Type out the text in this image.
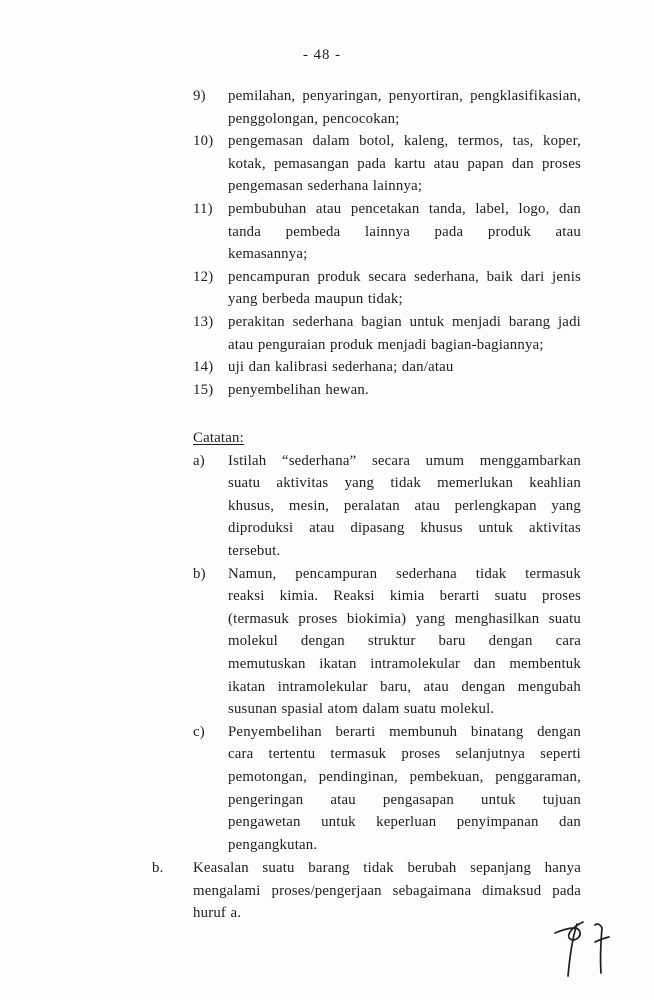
- 48 -
9)	pemilahan, penyaringan, penyortiran, pengklasifikasian,
penggolongan, pencocokan;
10) pengemasan dalam botol, kaleng, termos, tas, koper,
kotak, pemasangan pada kartu atau papan dan proses
pengemasan sederhana lainnya;
11)	pembubuhan atau pencetakan tanda, label, logo, dan
tanda pembeda lainnya pada produk atau
kemasannya;
12) pencampuran produk secara sederhana, baik dari jenis
yang berbeda maupun tidak;
13) perakitan sederhana bagian untuk menjadi barang jadi
atau penguraian produk menjadi bagian-bagiannya;
14) uji dan kalibrasi sederhana; dan/atau
15) penyembelihan hewan.
Catatan:
a)	Istilah “sederhana” secara umum menggambarkan
suatu aktivitas yang tidak memerlukan keahlian
khusus, mesin, peralatan atau perlengkapan yang
diproduksi atau dipasang khusus untuk aktivitas
tersebut.
b)	Namun, pencampuran sederhana tidak termasuk
reaksi kimia. Reaksi kimia berarti suatu proses
(termasuk proses biokimia) yang menghasilkan suatu
molekul dengan struktur baru dengan cara
memutuskan ikatan intramolekular dan membentuk
ikatan intramolekular baru, atau dengan mengubah
susunan spasial atom dalam suatu molekul.
c)	Penyembelihan berarti membunuh binatang dengan
cara tertentu termasuk proses selanjutnya seperti
pemotongan, pendinginan, pembekuan, penggaraman,
pengeringan atau pengasapan untuk tujuan
pengawetan untuk keperluan penyimpanan dan
pengangkutan.
b.	Keasalan suatu barang tidak berubah sepanjang hanya
mengalami proses/pengerjaan sebagaimana dimaksud pada
huruf a.
